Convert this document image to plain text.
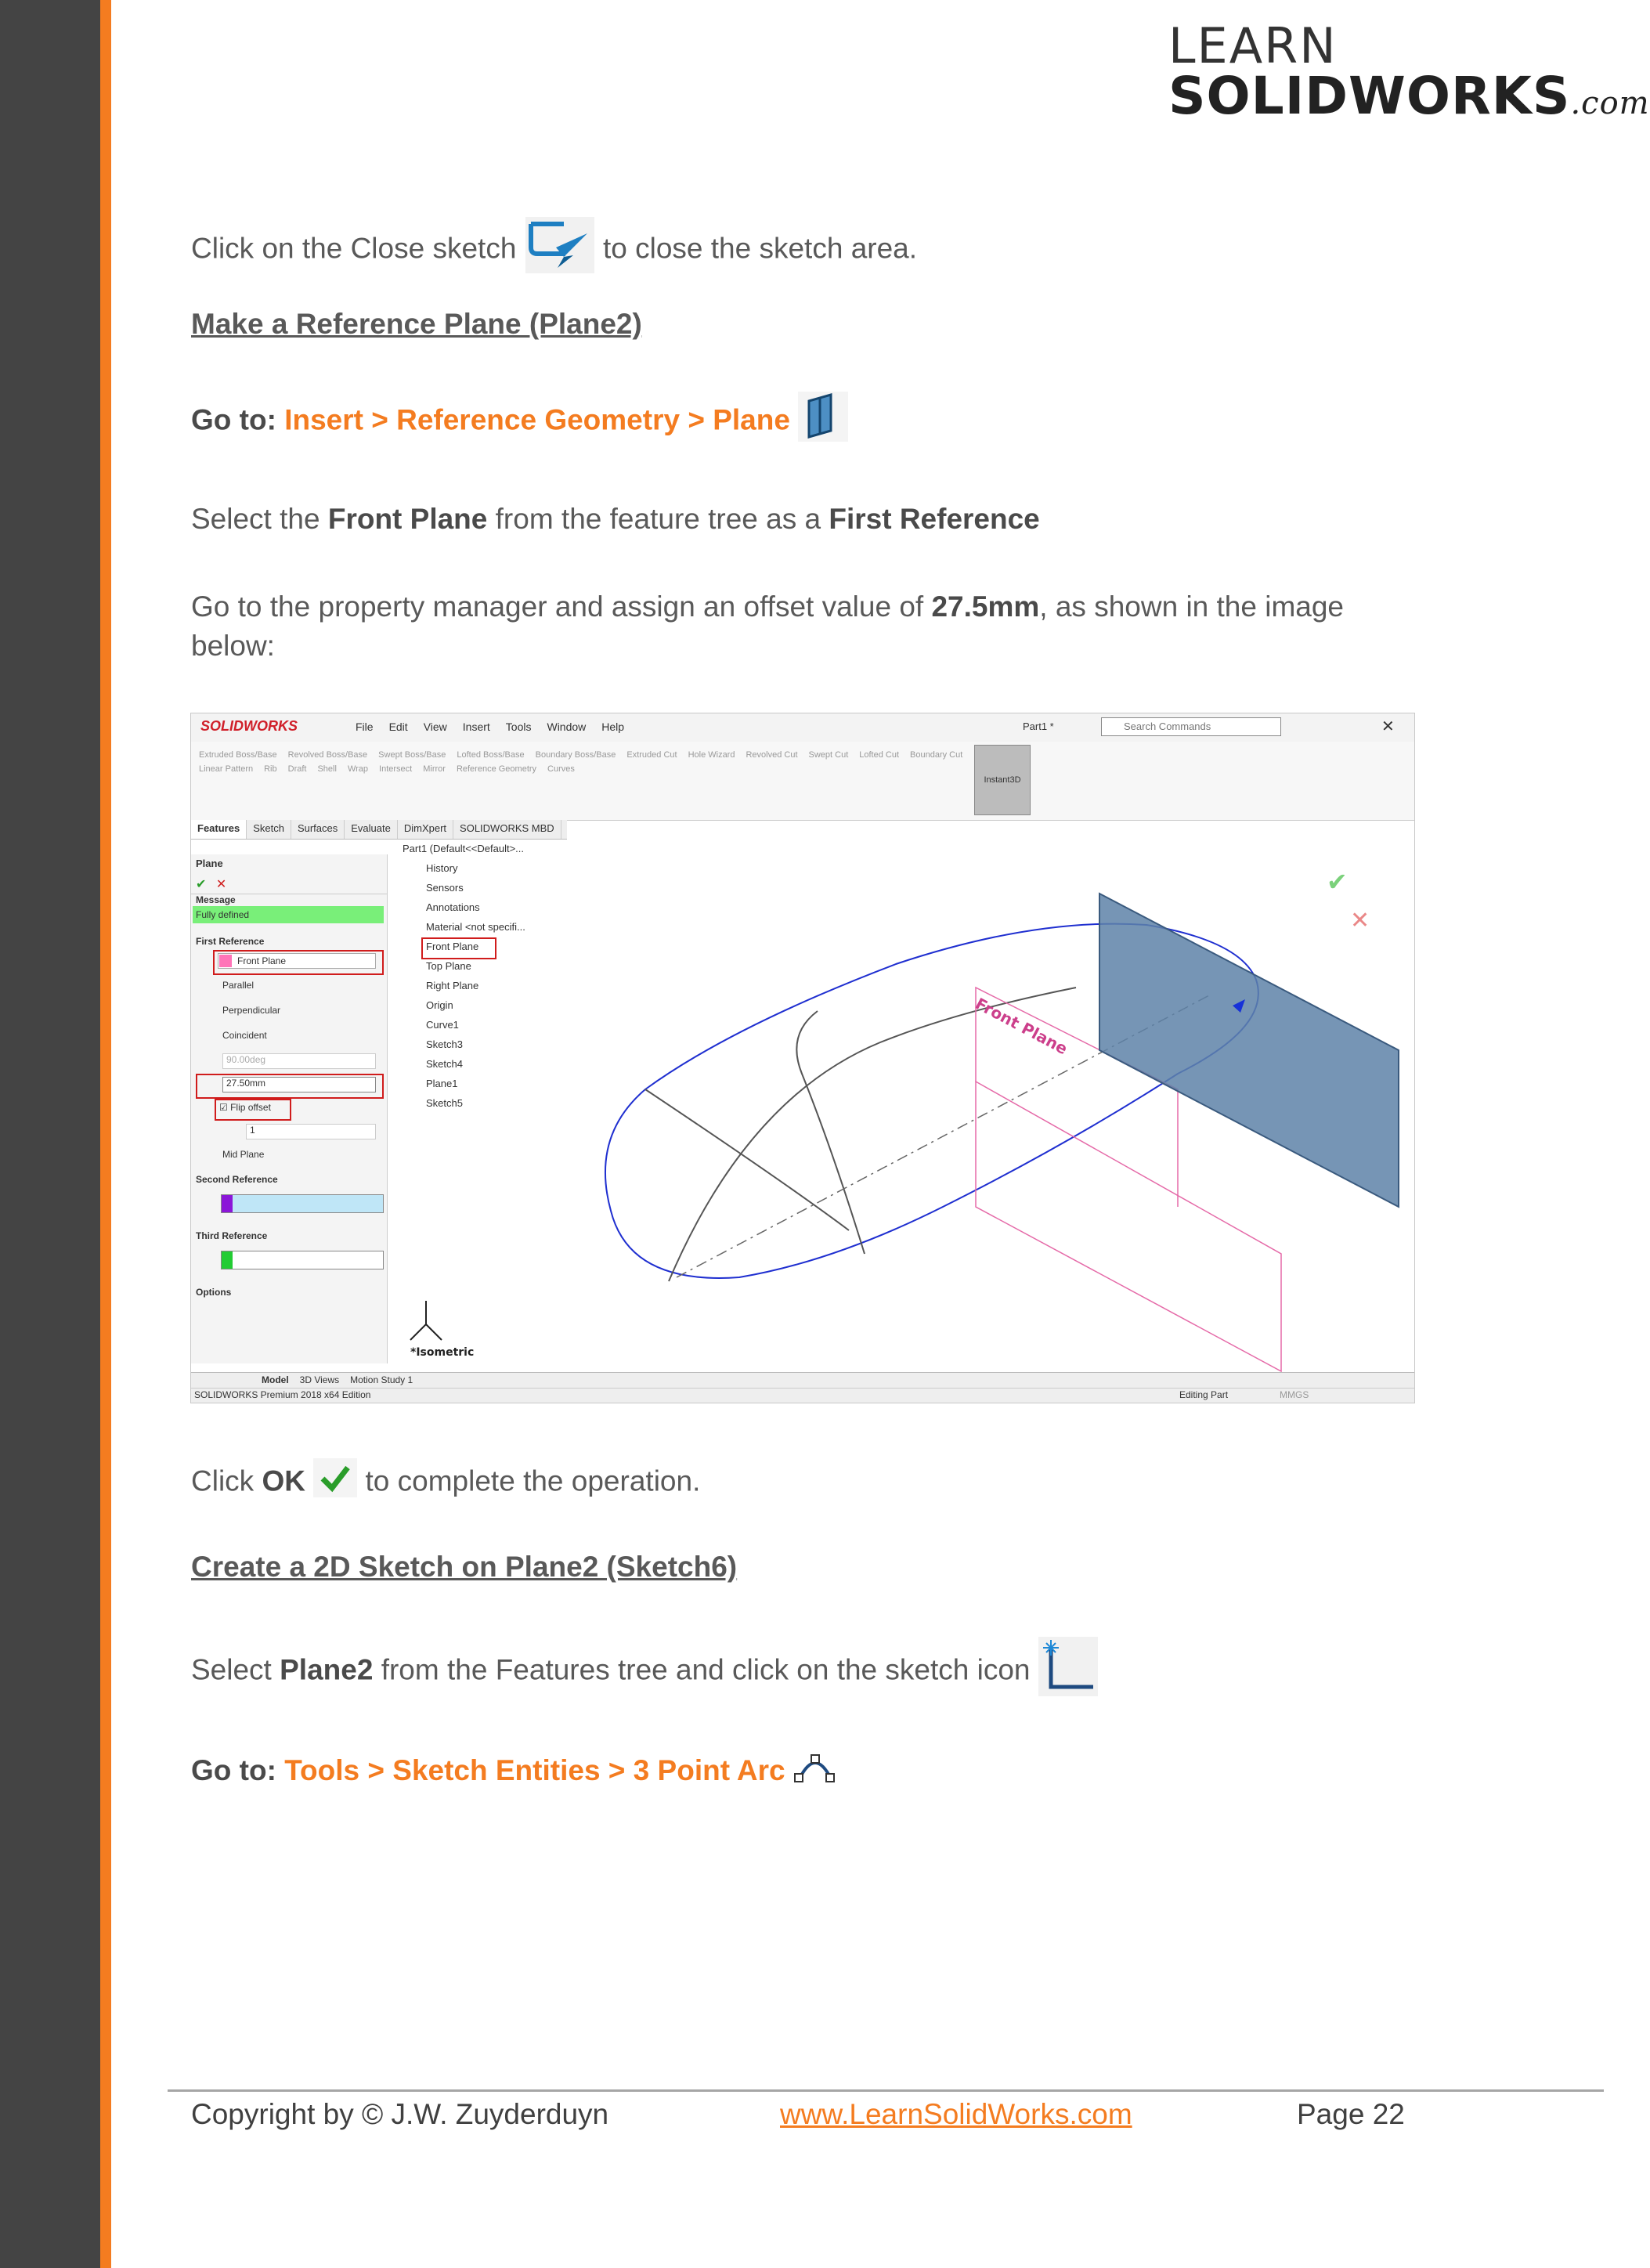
LEARN
SOLIDWORKS.com
Click on the Close sketch	to close the sketch area.
Make a Reference Plane (Plane2)
Go to: Insert > Reference Geometry > Plane
Select the Front Plane from the feature tree as a First Reference
Go to the property manager and assign an offset value of 27.5mm, as shown in the image
below:
SOLIDWORKS	File Edit View Insert Tools Window Help	Part1 *	Search Commands	✕
Extruded Boss/Base Revolved Boss/Base Swept Boss/Base Lofted Boss/Base Boundary Boss/Base Extruded Cut Hole Wizard Revolved Cut Swept Cut Lofted Cut Boundary Cut
Linear Pattern Rib Draft Shell Wrap Intersect Mirror Reference Geometry Curves
Instant3D
Features	Sketch	Surfaces	Evaluate	DimXpert	SOLIDWORKS MBD
Plane
✔ ✕
Message
Fully defined
First Reference
Front Plane
Parallel
Perpendicular
Coincident
90.00deg
27.50mm
☑ Flip offset
1
Mid Plane
Second Reference
Third Reference
Options
Part1 (Default<<Default>...
History
Sensors
Annotations
Material <not specifi...
Front Plane
Top Plane
Right Plane
Origin
Curve1
Sketch3
Sketch4
Plane1
Sketch5
Front Plane
*Isometric
✔
✕
Model 3D Views Motion Study 1
SOLIDWORKS Premium 2018 x64 Edition	Editing Part	MMGS
Click OK to complete the operation.
Create a 2D Sketch on Plane2 (Sketch6)
Select Plane2 from the Features tree and click on the sketch icon
Go to: Tools > Sketch Entities > 3 Point Arc
Copyright by © J.W. Zuyderduyn	www.LearnSolidWorks.com	Page 22
